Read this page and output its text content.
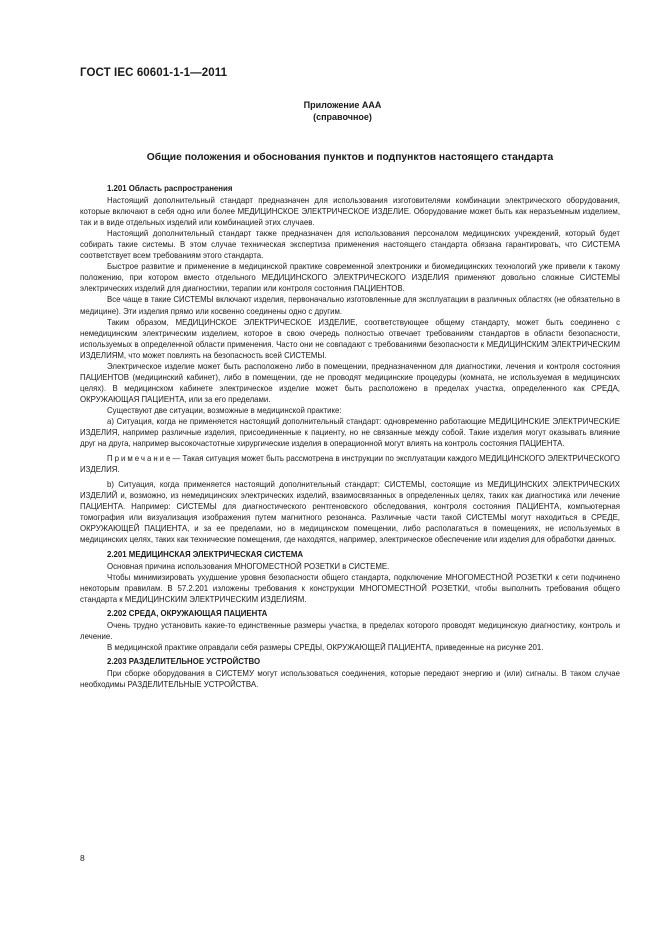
ГОСТ IEC 60601-1-1—2011
Приложение ААА
(справочное)
Общие положения и обоснования пунктов и подпунктов настоящего стандарта

1.201 Область распространения

Настоящий дополнительный стандарт предназначен для использования изготовителями комбинации электрического оборудования, которые включают в себя одно или более МЕДИЦИНСКОЕ ЭЛЕКТРИЧЕСКОЕ ИЗДЕЛИЕ. Оборудование может быть как неразъемным изделием, так и в виде отдельных изделий или комбинацией этих случаев.

Настоящий дополнительный стандарт также предназначен для использования персоналом медицинских учреждений, который будет собирать такие системы. В этом случае техническая экспертиза применения настоящего стандарта обязана гарантировать, что СИСТЕМА соответствует всем требованиям этого стандарта.

Быстрое развитие и применение в медицинской практике современной электроники и биомедицинских технологий уже привели к такому положению, при котором вместо отдельного МЕДИЦИНСКОГО ЭЛЕКТРИЧЕСКОГО ИЗДЕЛИЯ применяют довольно сложные СИСТЕМЫ электрических изделий для диагностики, терапии или контроля состояния ПАЦИЕНТОВ.

Все чаще в такие СИСТЕМЫ включают изделия, первоначально изготовленные для эксплуатации в различных областях (не обязательно в медицине). Эти изделия прямо или косвенно соединены одно с другим.

Таким образом, МЕДИЦИНСКОЕ ЭЛЕКТРИЧЕСКОЕ ИЗДЕЛИЕ, соответствующее общему стандарту, может быть соединено с немедицинским электрическим изделием, которое в свою очередь полностью отвечает требованиям стандартов в области безопасности, используемых в определенной области применения. Часто они не совпадают с требованиями безопасности к МЕДИЦИНСКИМ ЭЛЕКТРИЧЕСКИМ ИЗДЕЛИЯМ, что может повлиять на безопасность всей СИСТЕМЫ.

Электрическое изделие может быть расположено либо в помещении, предназначенном для диагностики, лечения и контроля состояния ПАЦИЕНТОВ (медицинский кабинет), либо в помещении, где не проводят медицинские процедуры (комната, не используемая в медицинских целях). В медицинском кабинете электрическое изделие может быть расположено в пределах участка, определенного как СРЕДА, ОКРУЖАЮЩАЯ ПАЦИЕНТА, или за его пределами.

Существуют две ситуации, возможные в медицинской практике:

а) Ситуация, когда не применяется настоящий дополнительный стандарт: одновременно работающие МЕДИЦИНСКИЕ ЭЛЕКТРИЧЕСКИЕ ИЗДЕЛИЯ, например различные изделия, присоединенные к пациенту, но не связанные между собой. Такие изделия могут оказывать влияние друг на друга, например высокочастотные хирургические изделия в операционной могут влиять на контроль состояния ПАЦИЕНТА.

Примечание— Такая ситуация может быть рассмотрена в инструкции по эксплуатации каждого МЕДИЦИНСКОГО ЭЛЕКТРИЧЕСКОГО ИЗДЕЛИЯ.

b) Ситуация, когда применяется настоящий дополнительный стандарт: СИСТЕМЫ, состоящие из МЕДИЦИНСКИХ ЭЛЕКТРИЧЕСКИХ ИЗДЕЛИЙ и, возможно, из немедицинских электрических изделий, взаимосвязанных в определенных целях, таких как диагностика или лечение ПАЦИЕНТА. Например: СИСТЕМЫ для диагностического рентгеновского обследования, контроля состояния ПАЦИЕНТА, компьютерная томография или визуализация изображения путем магнитного резонанса. Различные части такой СИСТЕМЫ могут находиться в СРЕДЕ, ОКРУЖАЮЩЕЙ ПАЦИЕНТА, и за ее пределами, но в медицинском помещении, либо располагаться в помещениях, не используемых в медицинских целях, таких как технические помещения, где находятся, например, электрическое обеспечение или изделия для обработки данных.

2.201 МЕДИЦИНСКАЯ ЭЛЕКТРИЧЕСКАЯ СИСТЕМА

Основная причина использования МНОГОМЕСТНОЙ РОЗЕТКИ в СИСТЕМЕ.

Чтобы минимизировать ухудшение уровня безопасности общего стандарта, подключение МНОГОМЕСТНОЙ РОЗЕТКИ к сети подчинено некоторым правилам. В 57.2.201 изложены требования к конструкции МНОГОМЕСТНОЙ РОЗЕТКИ, чтобы выполнить требования общего стандарта к МЕДИЦИНСКИМ ЭЛЕКТРИЧЕСКИМ ИЗДЕЛИЯМ.

2.202 СРЕДА, ОКРУЖАЮЩАЯ ПАЦИЕНТА

Очень трудно установить какие-то единственные размеры участка, в пределах которого проводят медицинскую диагностику, контроль и лечение.

В медицинской практике оправдали себя размеры СРЕДЫ, ОКРУЖАЮЩЕЙ ПАЦИЕНТА, приведенные на рисунке 201.

2.203 РАЗДЕЛИТЕЛЬНОЕ УСТРОЙСТВО

При сборке оборудования в СИСТЕМУ могут использоваться соединения, которые передают энергию и (или) сигналы. В таком случае необходимы РАЗДЕЛИТЕЛЬНЫЕ УСТРОЙСТВА.

8
